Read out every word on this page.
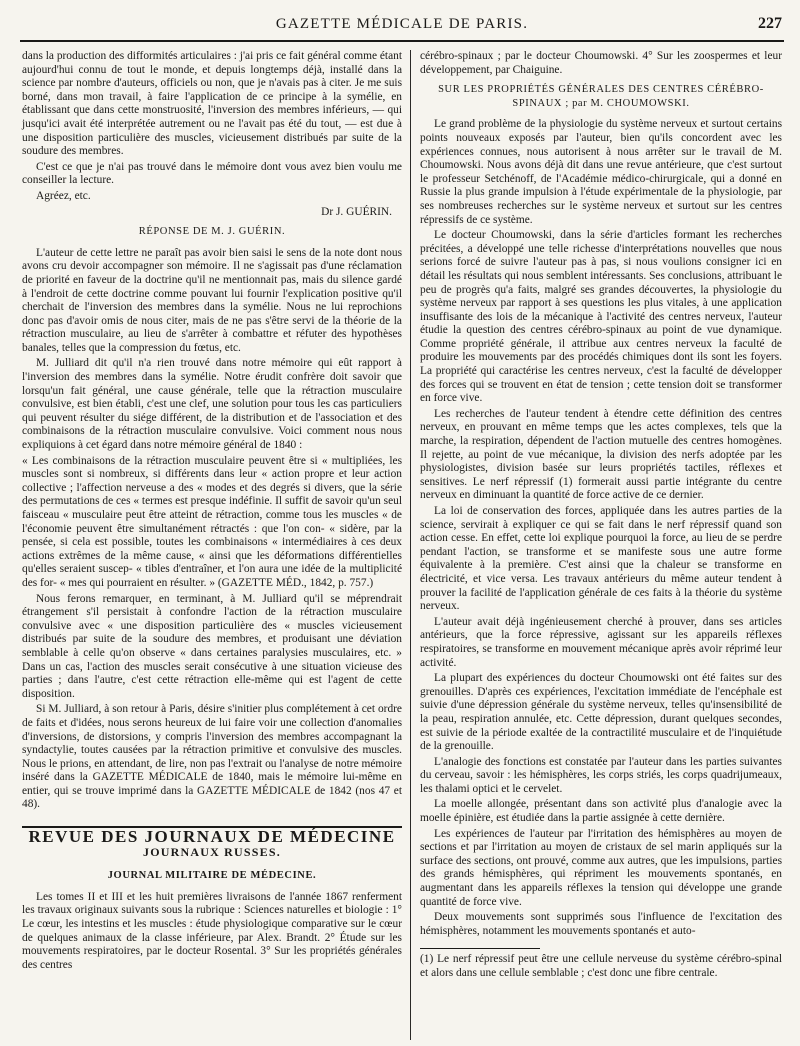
GAZETTE MÉDICALE DE PARIS.	227

dans la production des difformités articulaires : j'ai pris ce fait général comme étant aujourd'hui connu de tout le monde, et depuis longtemps déjà, installé dans la science par nombre d'auteurs, officiels ou non, que je n'avais pas à citer. Je me suis borné, dans mon travail, à faire l'application de ce principe à la symélie, en établissant que dans cette monstruosité, l'inversion des membres inférieurs, — qui jusqu'ici avait été interprétée autrement ou ne l'avait pas été du tout, — est due à une disposition particulière des muscles, vicieusement distribués par suite de la soudure des membres.

C'est ce que je n'ai pas trouvé dans le mémoire dont vous avez bien voulu me conseiller la lecture.

Agréez, etc.

Dr J. GUÉRIN.
RÉPONSE DE M. J. GUÉRIN.

L'auteur de cette lettre ne paraît pas avoir bien saisi le sens de la note dont nous avons cru devoir accompagner son mémoire. Il ne s'agissait pas d'une réclamation de priorité en faveur de la doctrine qu'il ne mentionnait pas, mais du silence gardé à l'endroit de cette doctrine comme pouvant lui fournir l'explication positive qu'il cherchait de l'inversion des membres dans la symélie. Nous ne lui reprochions donc pas d'avoir omis de nous citer, mais de ne pas s'être servi de la théorie de la rétraction musculaire, au lieu de s'arrêter à combattre et réfuter des hypothèses banales, telles que la compression du fœtus, etc.

M. Julliard dit qu'il n'a rien trouvé dans notre mémoire qui eût rapport à l'inversion des membres dans la symélie. Notre érudit confrère doit savoir que lorsqu'un fait général, une cause générale, telle que la rétraction musculaire convulsive, est bien établi, c'est une clef, une solution pour tous les cas particuliers qui peuvent résulter du siége différent, de la distribution et de l'association et des combinaisons de la rétraction musculaire convulsive. Voici comment nous nous expliquions à cet égard dans notre mémoire général de 1840 :

« Les combinaisons de la rétraction musculaire peuvent être si « multipliées, les muscles sont si nombreux, si différents dans leur « action propre et leur action collective ; l'affection nerveuse a des « modes et des degrés si divers, que la série des permutations de ces « termes est presque indéfinie. Il suffit de savoir qu'un seul faisceau « musculaire peut être atteint de rétraction, comme tous les muscles « de l'économie peuvent être simultanément rétractés : que l'on con- « sidère, par la pensée, si cela est possible, toutes les combinaisons « intermédiaires à ces deux actions extrêmes de la même cause, « ainsi que les déformations différentielles qu'elles seraient suscep- « tibles d'entraîner, et l'on aura une idée de la multiplicité des for- « mes qui pourraient en résulter. » (GAZETTE MÉD., 1842, p. 757.)

Nous ferons remarquer, en terminant, à M. Julliard qu'il se méprendrait étrangement s'il persistait à confondre l'action de la rétraction musculaire convulsive avec « une disposition particulière des « muscles vicieusement distribués par suite de la soudure des membres, et produisant une déviation semblable à celle qu'on observe « dans certaines paralysies musculaires, etc. » Dans un cas, l'action des muscles serait consécutive à une situation vicieuse des parties ; dans l'autre, c'est cette rétraction elle-même qui est l'agent de cette disposition.

Si M. Julliard, à son retour à Paris, désire s'initier plus complétement à cet ordre de faits et d'idées, nous serons heureux de lui faire voir une collection d'anomalies d'inversions, de distorsions, y compris l'inversion des membres accompagnant la syndactylie, toutes causées par la rétraction primitive et convulsive des muscles. Nous le prions, en attendant, de lire, non pas l'extrait ou l'analyse de notre mémoire inséré dans la GAZETTE MÉDICALE de 1840, mais le mémoire lui-même en entier, qui se trouve imprimé dans la GAZETTE MÉDICALE de 1842 (nos 47 et 48).

REVUE DES JOURNAUX DE MÉDECINE
JOURNAUX RUSSES.
JOURNAL MILITAIRE DE MÉDECINE.

Les tomes II et III et les huit premières livraisons de l'année 1867 renferment les travaux originaux suivants sous la rubrique : Sciences naturelles et biologie : 1° Le cœur, les intestins et les muscles : étude physiologique comparative sur le cœur de quelques animaux de la classe inférieure, par Alex. Brandt. 2° Étude sur les mouvements respiratoires, par le docteur Rosental. 3° Sur les propriétés générales des centres

cérébro-spinaux ; par le docteur Choumowski. 4° Sur les zoospermes et leur développement, par Chaiguine.

SUR LES PROPRIÉTÉS GÉNÉRALES DES CENTRES CÉRÉBRO-SPINAUX ; par M. CHOUMOWSKI.

Le grand problème de la physiologie du système nerveux et surtout certains points nouveaux exposés par l'auteur, bien qu'ils concordent avec les expériences connues, nous autorisent à nous arrêter sur le travail de M. Choumowski. Nous avons déjà dit dans une revue antérieure, que c'est surtout le professeur Setchénoff, de l'Académie médico-chirurgicale, qui a donné en Russie la plus grande impulsion à l'étude expérimentale de la physiologie, par ses nombreuses recherches sur le système nerveux et surtout sur les centres répressifs de ce système.

Le docteur Choumowski, dans la série d'articles formant les recherches précitées, a développé une telle richesse d'interprétations nouvelles que nous serions forcé de suivre l'auteur pas à pas, si nous voulions consigner ici en détail les résultats qui nous semblent intéressants. Ses conclusions, attribuant le peu de progrès qu'a faits, malgré ses grandes découvertes, la physiologie du système nerveux par rapport à ses questions les plus vitales, à une application insuffisante des lois de la mécanique à l'activité des centres nerveux, l'auteur étudie la question des centres cérébro-spinaux au point de vue dynamique. Comme propriété générale, il attribue aux centres nerveux la faculté de produire les mouvements par des procédés chimiques dont ils sont les foyers. La propriété qui caractérise les centres nerveux, c'est la faculté de développer des forces qui se trouvent en état de tension ; cette tension doit se transformer en force vive.

Les recherches de l'auteur tendent à étendre cette définition des centres nerveux, en prouvant en même temps que les actes complexes, tels que la marche, la respiration, dépendent de l'action mutuelle des centres homogènes. Il rejette, au point de vue mécanique, la division des nerfs adoptée par les physiologistes, division basée sur leurs propriétés tactiles, réflexes et sensitives. Le nerf répressif (1) formerait aussi partie intégrante du centre nerveux en diminuant la quantité de force active de ce dernier.

La loi de conservation des forces, appliquée dans les autres parties de la science, servirait à expliquer ce qui se fait dans le nerf répressif quand son action cesse. En effet, cette loi explique pourquoi la force, au lieu de se perdre pendant l'action, se transforme et se manifeste sous une autre forme équivalente à la première. C'est ainsi que la chaleur se transforme en électricité, et vice versa. Les travaux antérieurs du même auteur tendent à prouver la facilité de l'application générale de ces faits à la théorie du système nerveux.

L'auteur avait déjà ingénieusement cherché à prouver, dans ses articles antérieurs, que la force répressive, agissant sur les appareils réflexes respiratoires, se transforme en mouvement mécanique après avoir réprimé leur activité.

La plupart des expériences du docteur Choumowski ont été faites sur des grenouilles. D'après ces expériences, l'excitation immédiate de l'encéphale est suivie d'une dépression générale du système nerveux, telles qu'insensibilité de la peau, respiration annulée, etc. Cette dépression, durant quelques secondes, est suivie de la période exaltée de la contractilité musculaire et de l'inquiétude de la grenouille.

L'analogie des fonctions est constatée par l'auteur dans les parties suivantes du cerveau, savoir : les hémisphères, les corps striés, les corps quadrijumeaux, les thalami optici et le cervelet.

La moelle allongée, présentant dans son activité plus d'analogie avec la moelle épinière, est étudiée dans la partie assignée à cette dernière.

Les expériences de l'auteur par l'irritation des hémisphères au moyen de sections et par l'irritation au moyen de cristaux de sel marin appliqués sur la surface des sections, ont prouvé, comme aux autres, que les impulsions, parties des grands hémisphères, qui répriment les mouvements spontanés, en augmentant dans les appareils réflexes la tension qui développe une grande quantité de force vive.

Deux mouvements sont supprimés sous l'influence de l'excitation des hémisphères, notamment les mouvements spontanés et auto-

(1) Le nerf répressif peut être une cellule nerveuse du système cérébro-spinal et alors dans une cellule semblable ; c'est donc une fibre centrale.
